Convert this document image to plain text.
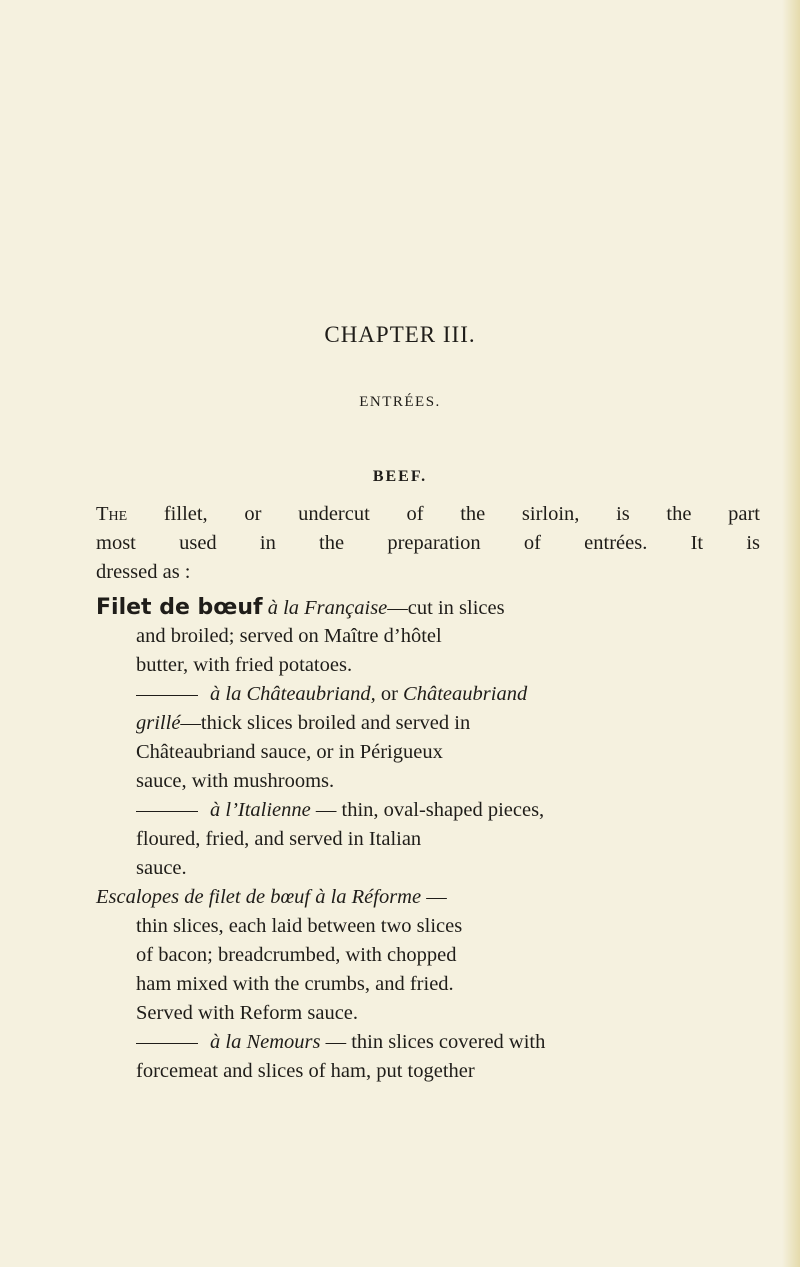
CHAPTER III.
ENTRÉES.
BEEF.
The fillet, or undercut of the sirloin, is the part
most used in the preparation of entrées. It is
dressed as :
Filet de bœuf à la Française—cut in slices
and broiled; served on Maître d’hôtel
butter, with fried potatoes.
à la Châteaubriand, or Châteaubriand
grillé—thick slices broiled and served in
Châteaubriand sauce, or in Périgueux
sauce, with mushrooms.
à l’Italienne — thin, oval-shaped pieces,
floured, fried, and served in Italian
sauce.
Escalopes de filet de bœuf à la Réforme —
thin slices, each laid between two slices
of bacon; breadcrumbed, with chopped
ham mixed with the crumbs, and fried.
Served with Reform sauce.
à la Nemours — thin slices covered with
forcemeat and slices of ham, put together
